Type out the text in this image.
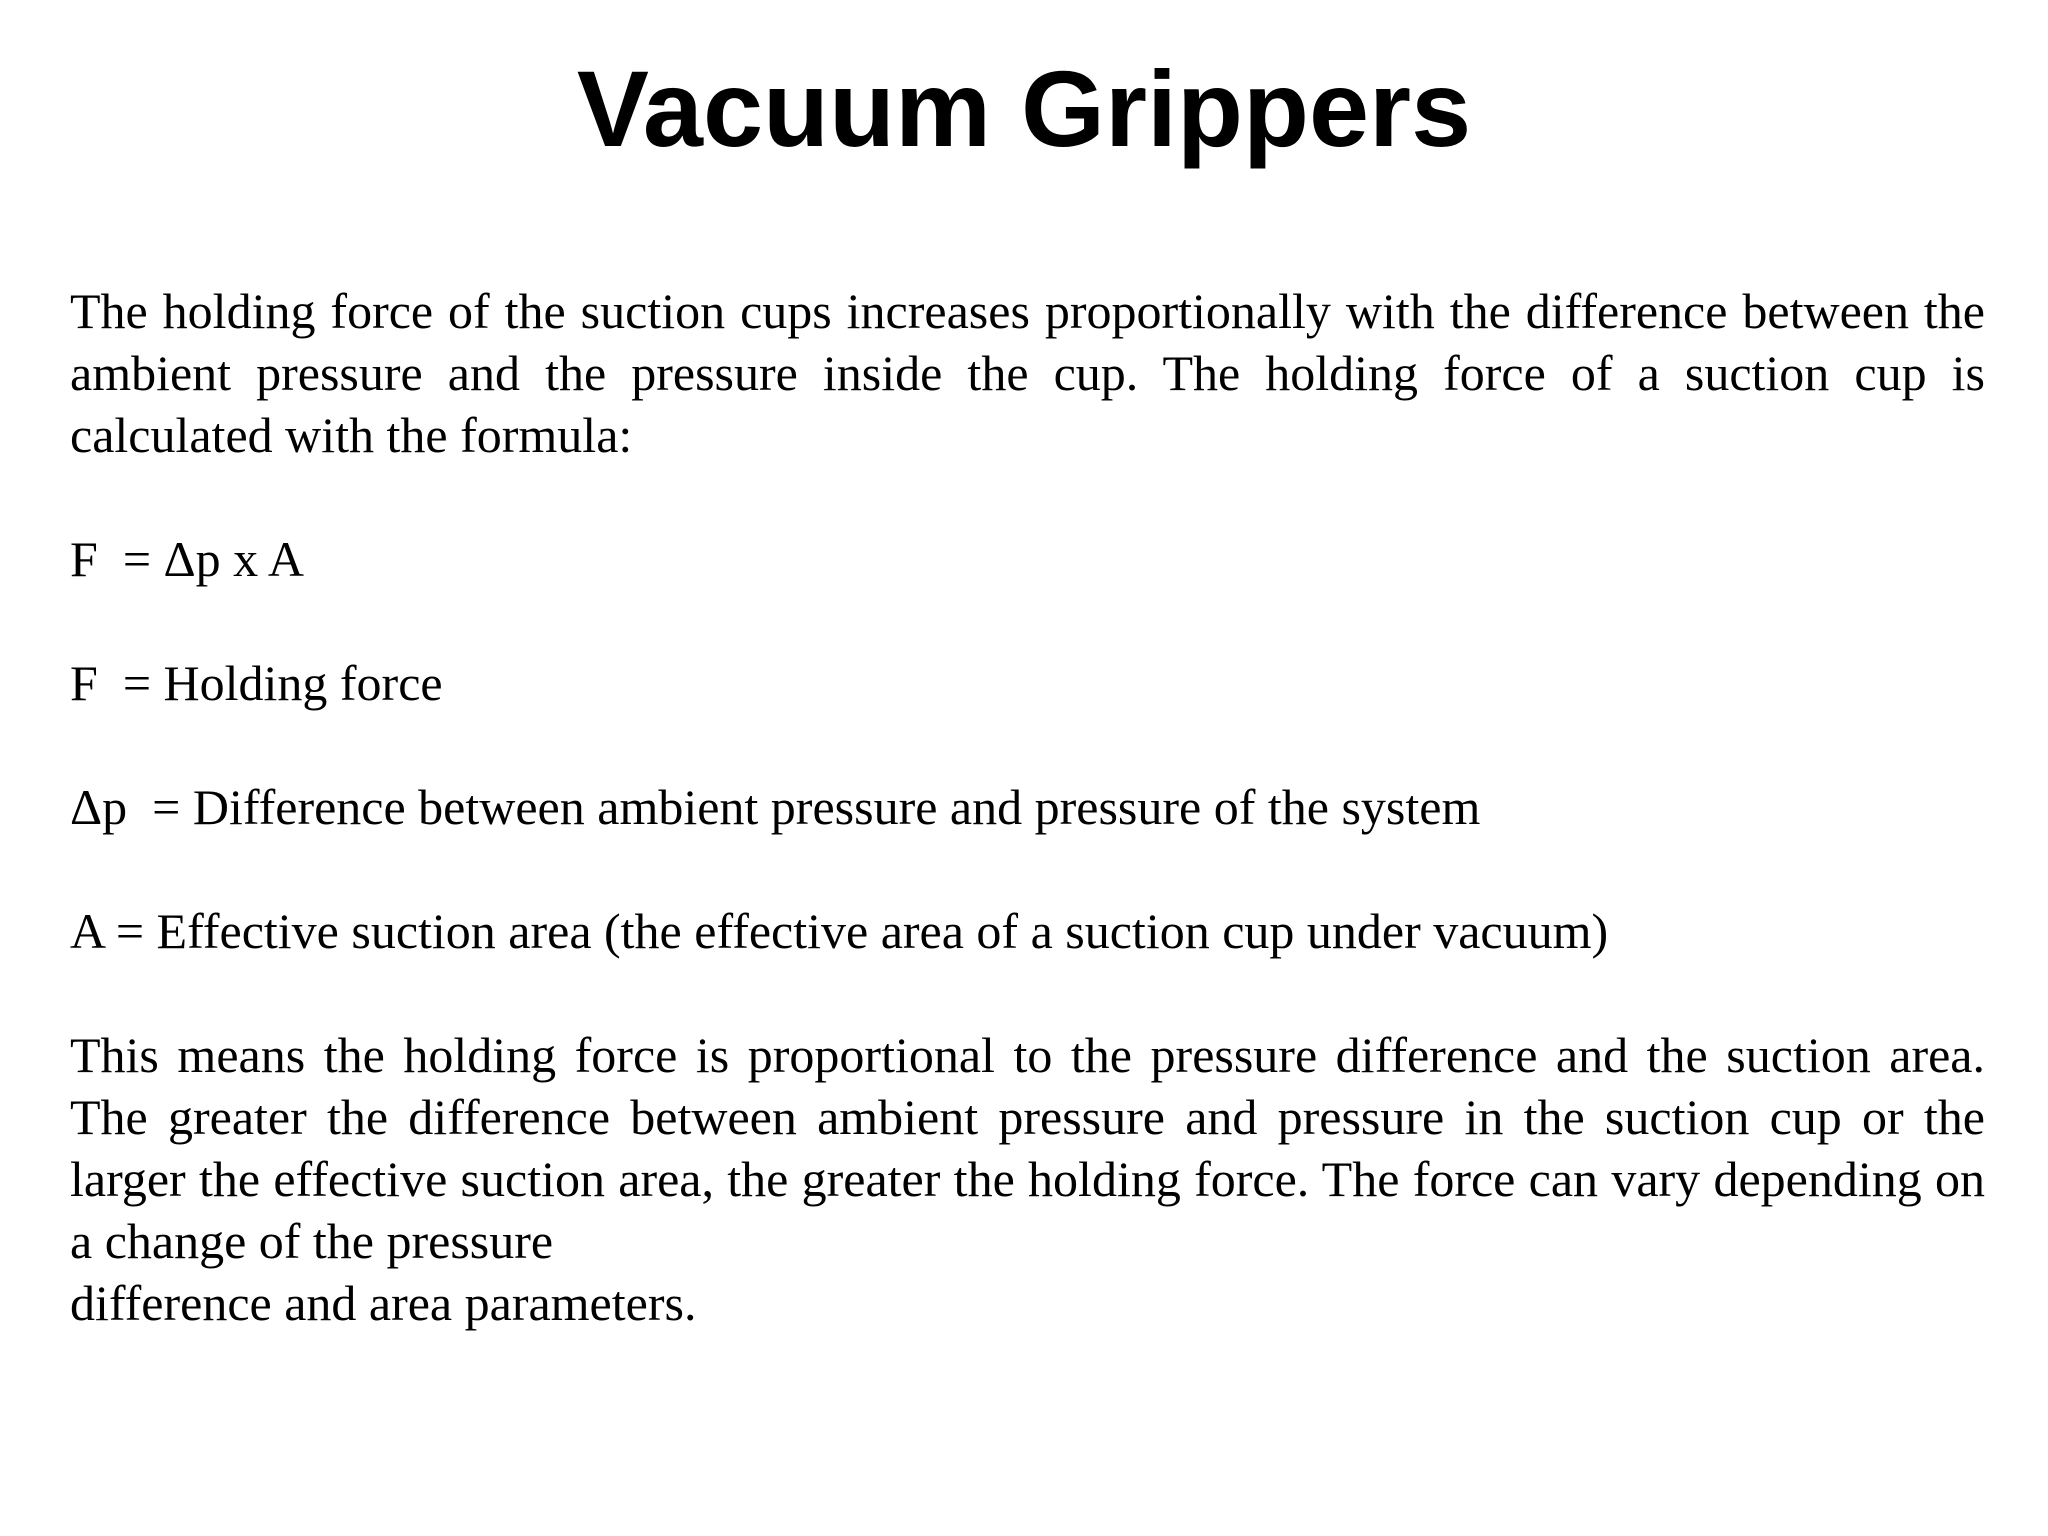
Vacuum Grippers

The holding force of the suction cups increases proportionally with the difference between the ambient pressure and the pressure inside the cup. The holding force of a suction cup is calculated with the formula:

F = Δp x A

F = Holding force

Δp = Difference between ambient pressure and pressure of the system

A = Effective suction area (the effective area of a suction cup under vacuum)

This means the holding force is proportional to the pressure difference and the suction area. The greater the difference between ambient pressure and pressure in the suction cup or the larger the effective suction area, the greater the holding force. The force can vary depending on a change of the pressure

difference and area parameters.
